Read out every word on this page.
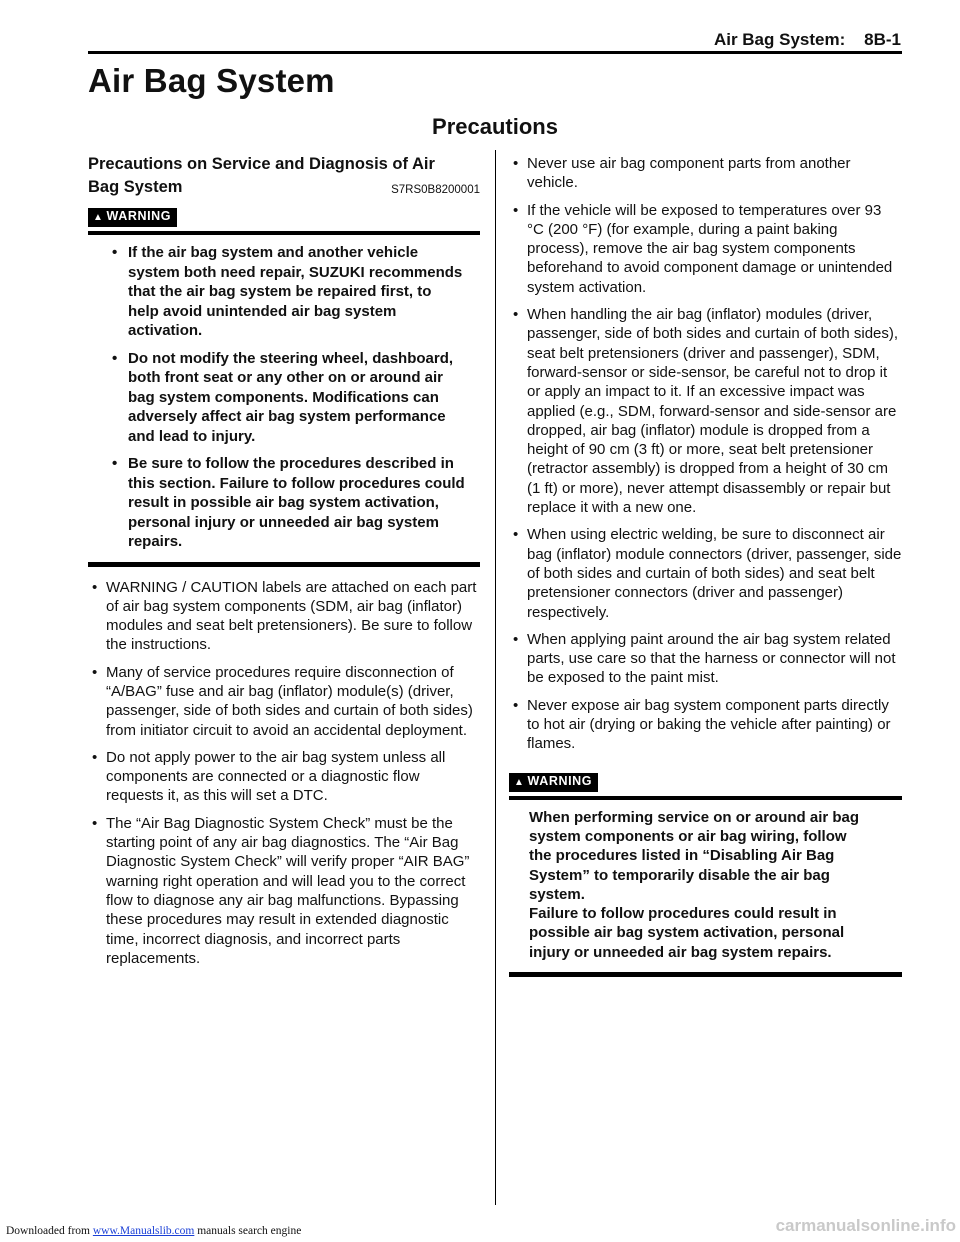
Air Bag System:    8B-1
Air Bag System
Precautions
Precautions on Service and Diagnosis of Air Bag System	S7RS0B8200001
▲ WARNING
• If the air bag system and another vehicle system both need repair, SUZUKI recommends that the air bag system be repaired first, to help avoid unintended air bag system activation.
• Do not modify the steering wheel, dashboard, both front seat or any other on or around air bag system components. Modifications can adversely affect air bag system performance and lead to injury.
• Be sure to follow the procedures described in this section. Failure to follow procedures could result in possible air bag system activation, personal injury or unneeded air bag system repairs.
• WARNING / CAUTION labels are attached on each part of air bag system components (SDM, air bag (inflator) modules and seat belt pretensioners). Be sure to follow the instructions.
• Many of service procedures require disconnection of “A/BAG” fuse and air bag (inflator) module(s) (driver, passenger, side of both sides and curtain of both sides) from initiator circuit to avoid an accidental deployment.
• Do not apply power to the air bag system unless all components are connected or a diagnostic flow requests it, as this will set a DTC.
• The “Air Bag Diagnostic System Check” must be the starting point of any air bag diagnostics. The “Air Bag Diagnostic System Check” will verify proper “AIR BAG” warning right operation and will lead you to the correct flow to diagnose any air bag malfunctions. Bypassing these procedures may result in extended diagnostic time, incorrect diagnosis, and incorrect parts replacements.
• Never use air bag component parts from another vehicle.
• If the vehicle will be exposed to temperatures over 93 °C (200 °F) (for example, during a paint baking process), remove the air bag system components beforehand to avoid component damage or unintended system activation.
• When handling the air bag (inflator) modules (driver, passenger, side of both sides and curtain of both sides), seat belt pretensioners (driver and passenger), SDM, forward-sensor or side-sensor, be careful not to drop it or apply an impact to it. If an excessive impact was applied (e.g., SDM, forward-sensor and side-sensor are dropped, air bag (inflator) module is dropped from a height of 90 cm (3 ft) or more, seat belt pretensioner (retractor assembly) is dropped from a height of 30 cm (1 ft) or more), never attempt disassembly or repair but replace it with a new one.
• When using electric welding, be sure to disconnect air bag (inflator) module connectors (driver, passenger, side of both sides and curtain of both sides) and seat belt pretensioner connectors (driver and passenger) respectively.
• When applying paint around the air bag system related parts, use care so that the harness or connector will not be exposed to the paint mist.
• Never expose air bag system component parts directly to hot air (drying or baking the vehicle after painting) or flames.
▲ WARNING

When performing service on or around air bag system components or air bag wiring, follow the procedures listed in “Disabling Air Bag System” to temporarily disable the air bag system.

Failure to follow procedures could result in possible air bag system activation, personal injury or unneeded air bag system repairs.

Downloaded from www.Manualslib.com manuals search engine	carmanualsonline.info
